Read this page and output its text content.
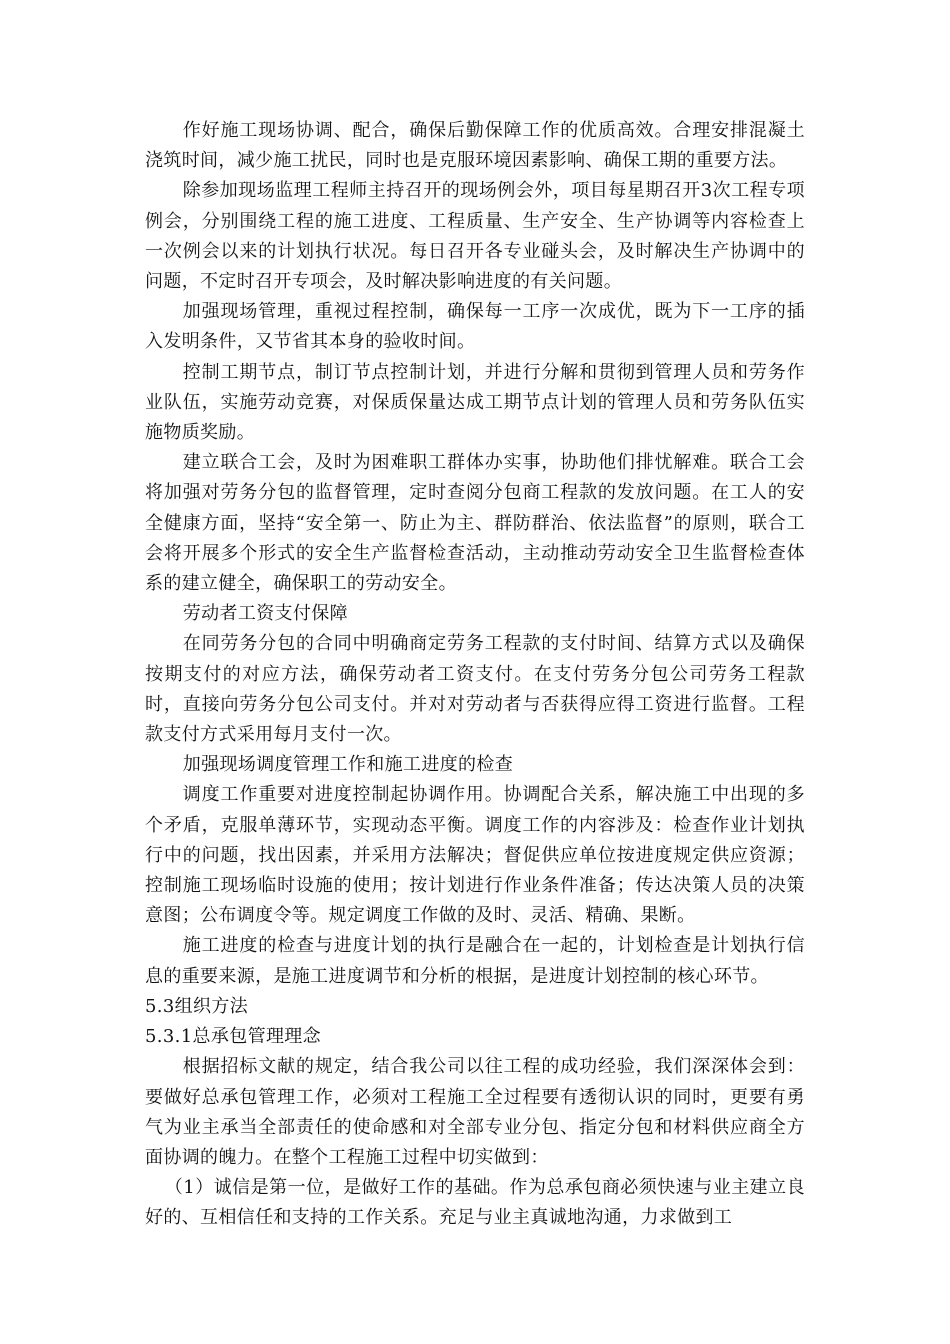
作好施工现场协调、配合，确保后勤保障工作的优质高效。合理安排混凝土浇筑时间，减少施工扰民，同时也是克服环境因素影响、确保工期的重要方法。

除参加现场监理工程师主持召开的现场例会外，项目每星期召开3次工程专项例会，分别围绕工程的施工进度、工程质量、生产安全、生产协调等内容检查上一次例会以来的计划执行状况。每日召开各专业碰头会，及时解决生产协调中的问题，不定时召开专项会，及时解决影响进度的有关问题。

加强现场管理，重视过程控制，确保每一工序一次成优，既为下一工序的插入发明条件，又节省其本身的验收时间。

控制工期节点，制订节点控制计划，并进行分解和贯彻到管理人员和劳务作业队伍，实施劳动竞赛，对保质保量达成工期节点计划的管理人员和劳务队伍实施物质奖励。

建立联合工会，及时为困难职工群体办实事，协助他们排忧解难。联合工会将加强对劳务分包的监督管理，定时查阅分包商工程款的发放问题。在工人的安全健康方面，坚持“安全第一、防止为主、群防群治、依法监督”的原则，联合工会将开展多个形式的安全生产监督检查活动，主动推动劳动安全卫生监督检查体系的建立健全，确保职工的劳动安全。

劳动者工资支付保障

在同劳务分包的合同中明确商定劳务工程款的支付时间、结算方式以及确保按期支付的对应方法，确保劳动者工资支付。在支付劳务分包公司劳务工程款时，直接向劳务分包公司支付。并对对劳动者与否获得应得工资进行监督。工程款支付方式采用每月支付一次。

加强现场调度管理工作和施工进度的检查

调度工作重要对进度控制起协调作用。协调配合关系，解决施工中出现的多个矛盾，克服单薄环节，实现动态平衡。调度工作的内容涉及：检查作业计划执行中的问题，找出因素，并采用方法解决；督促供应单位按进度规定供应资源；控制施工现场临时设施的使用；按计划进行作业条件准备；传达决策人员的决策意图；公布调度令等。规定调度工作做的及时、灵活、精确、果断。

施工进度的检查与进度计划的执行是融合在一起的，计划检查是计划执行信息的重要来源，是施工进度调节和分析的根据，是进度计划控制的核心环节。

5.3组织方法

5.3.1总承包管理理念

根据招标文献的规定，结合我公司以往工程的成功经验，我们深深体会到：要做好总承包管理工作，必须对工程施工全过程要有透彻认识的同时，更要有勇气为业主承当全部责任的使命感和对全部专业分包、指定分包和材料供应商全方面协调的魄力。在整个工程施工过程中切实做到：

（1）诚信是第一位，是做好工作的基础。作为总承包商必须快速与业主建立良好的、互相信任和支持的工作关系。充足与业主真诚地沟通，力求做到工
